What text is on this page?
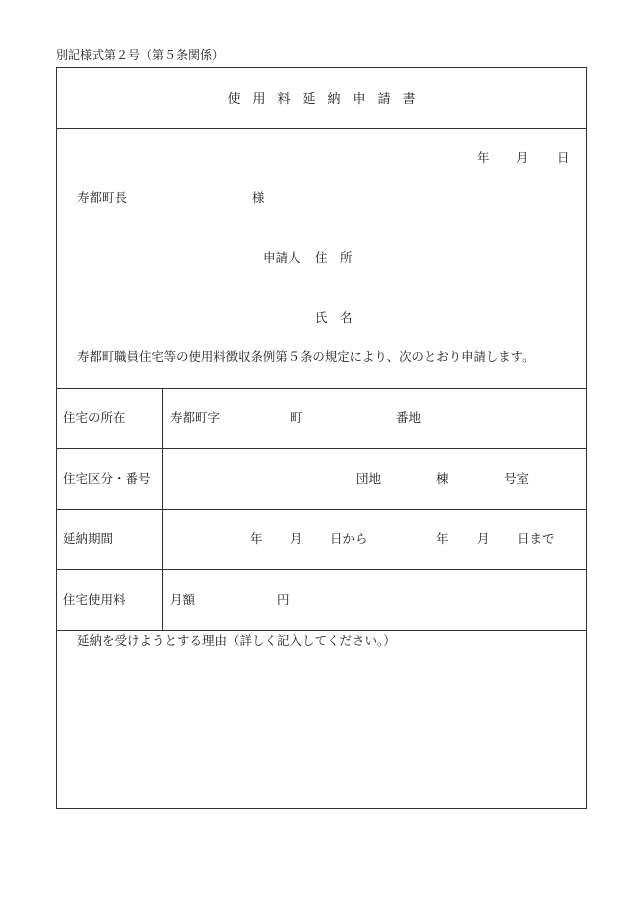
別記様式第２号（第５条関係）
使 用 料 延 納 申 請 書
年 月 日
寿都町長	様
申請人 住　所
氏　名
寿都町職員住宅等の使用料徴収条例第５条の規定により、次のとおり申請します。
住宅の所在	寿都町字	町	番地
住宅区分・番号	団地	棟	号室
延納期間	年 月 日から	年 月 日まで
住宅使用料	月額	円
延納を受けようとする理由（詳しく記入してください。）
